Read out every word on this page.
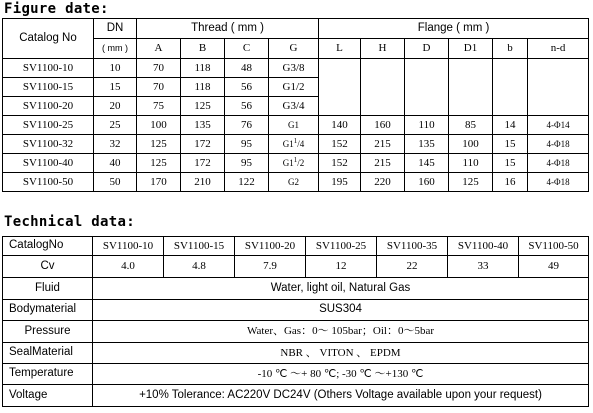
Figure date:
Catalog No	DN	Thread ( mm )				Flange ( mm )					
	( mm )	A	B	C	G	L	H	D	D1	b	n-d
SV1100-10	10	70	118	48	G3/8						
SV1100-15	15	70	118	56	G1/2						
SV1100-20	20	75	125	56	G3/4						
SV1100-25	25	100	135	76	G1	140	160	110	85	14	4-Φ14
SV1100-32	32	125	172	95	$G1^1/4$	152	215	135	100	15	4-Φ18
SV1100-40	40	125	172	95	$G1^1/2$	152	215	145	110	15	4-Φ18
SV1100-50	50	170	210	122	G2	195	220	160	125	16	4-Φ18
Technical data:
CatalogNo	SV1100-10	SV1100-15	SV1100-20	SV1100-25	SV1100-35	SV1100-40	SV1100-50
Cv	4.0	4.8	7.9	12	22	33	49
Fluid	Water, light oil, Natural Gas						
Bodymaterial	SUS304						
Pressure	Water、Gas：0～ 105bar；Oil：0～5bar						
SealMaterial	NBR 、 VITON 、 EPDM						
Temperature	-10 ℃ ～+ 80 ℃; -30 ℃ ～+130 ℃						
Voltage	+10% Tolerance: AC220V DC24V (Others Voltage available upon your request)						
